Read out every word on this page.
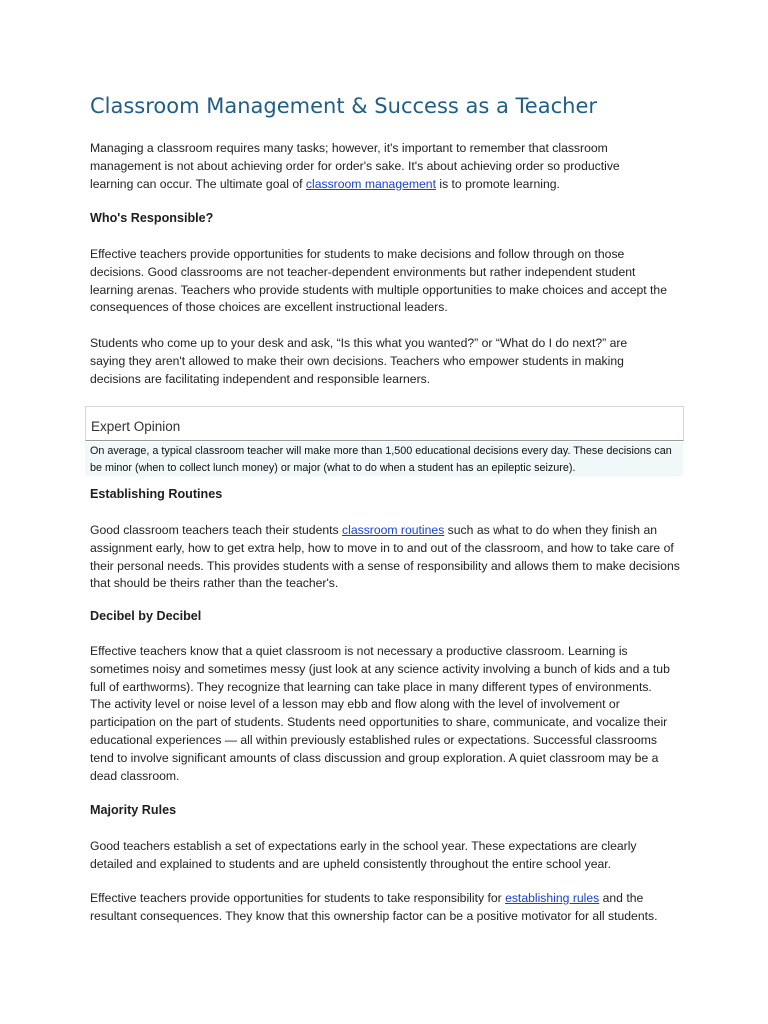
Classroom Management & Success as a Teacher

Managing a classroom requires many tasks; however, it's important to remember that classroom management is not about achieving order for order's sake. It's about achieving order so productive learning can occur. The ultimate goal of classroom management is to promote learning.

Who's Responsible?

Effective teachers provide opportunities for students to make decisions and follow through on those decisions. Good classrooms are not teacher-dependent environments but rather independent student learning arenas. Teachers who provide students with multiple opportunities to make choices and accept the consequences of those choices are excellent instructional leaders.

Students who come up to your desk and ask, “Is this what you wanted?” or “What do I do next?” are saying they aren't allowed to make their own decisions. Teachers who empower students in making decisions are facilitating independent and responsible learners.

Expert Opinion

On average, a typical classroom teacher will make more than 1,500 educational decisions every day. These decisions can be minor (when to collect lunch money) or major (what to do when a student has an epileptic seizure).
Establishing Routines

Good classroom teachers teach their students classroom routines such as what to do when they finish an assignment early, how to get extra help, how to move in to and out of the classroom, and how to take care of their personal needs. This provides students with a sense of responsibility and allows them to make decisions that should be theirs rather than the teacher's.

Decibel by Decibel

Effective teachers know that a quiet classroom is not necessary a productive classroom. Learning is sometimes noisy and sometimes messy (just look at any science activity involving a bunch of kids and a tub full of earthworms). They recognize that learning can take place in many different types of environments. The activity level or noise level of a lesson may ebb and flow along with the level of involvement or participation on the part of students. Students need opportunities to share, communicate, and vocalize their educational experiences — all within previously established rules or expectations. Successful classrooms tend to involve significant amounts of class discussion and group exploration. A quiet classroom may be a dead classroom.

Majority Rules

Good teachers establish a set of expectations early in the school year. These expectations are clearly detailed and explained to students and are upheld consistently throughout the entire school year.

Effective teachers provide opportunities for students to take responsibility for establishing rules and the resultant consequences. They know that this ownership factor can be a positive motivator for all students.
